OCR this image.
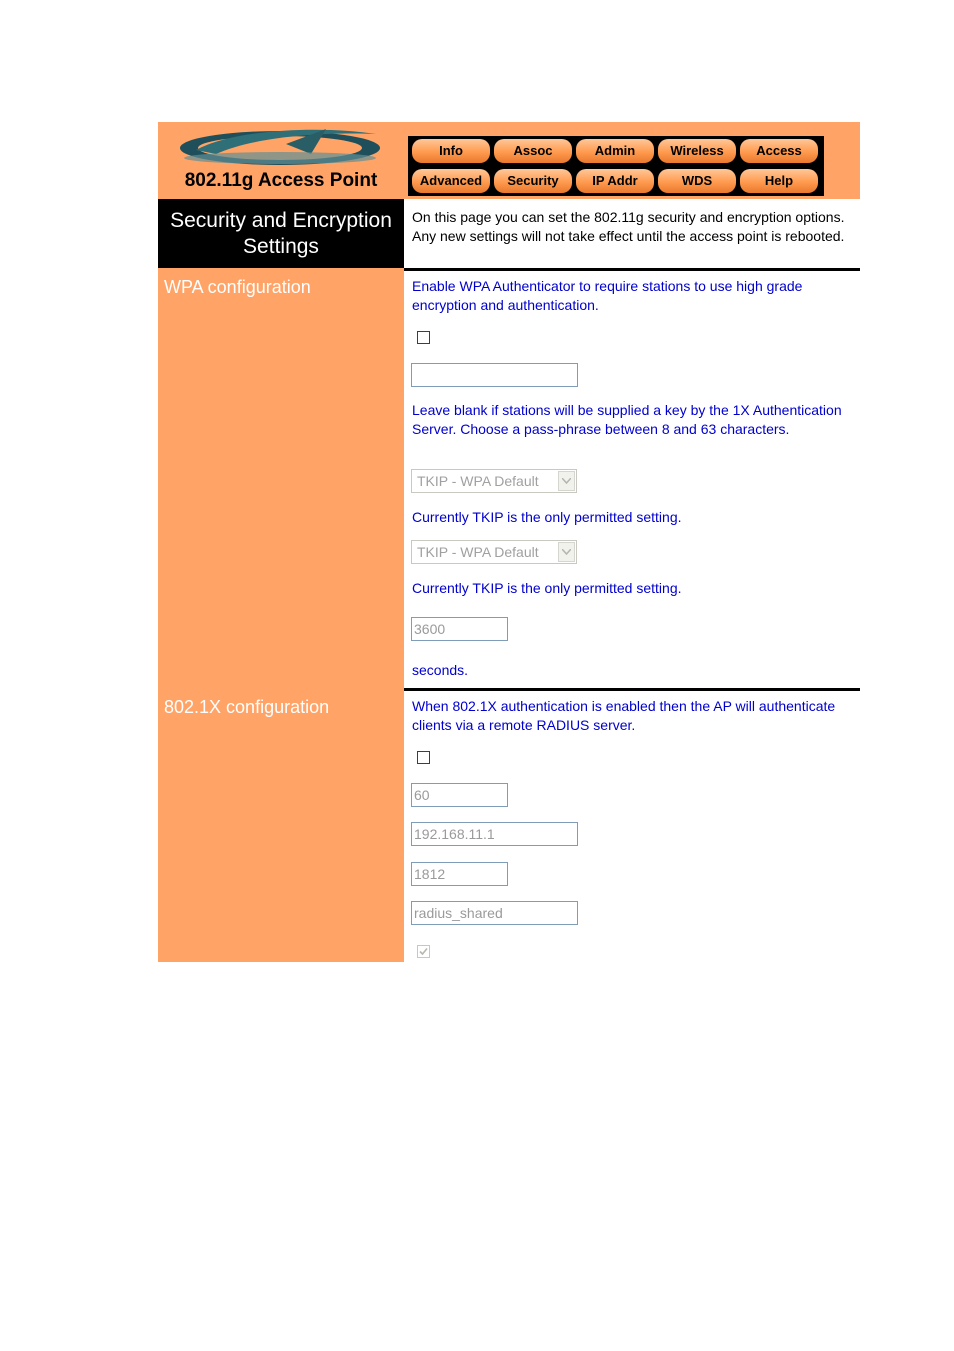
802.11g Access Point
Info	Assoc	Admin	Wireless	Access
Advanced	Security	IP Addr	WDS	Help
Security and Encryption
Settings
On this page you can set the 802.11g security and encryption options. Any new settings will not take effect until the access point is rebooted.
WPA configuration	Enable WPA Authenticator to require stations to use high grade encryption and authentication.
WPA enabled:
PSK pass-phrase:
Leave blank if stations will be supplied a key by the 1X Authentication Server. Choose a pass-phrase between 8 and 63 characters.
WPA Multicast Cipher Type:
TKIP - WPA Default
Currently TKIP is the only permitted setting.
WPA Pairwise Cipher Type:
TKIP - WPA Default
Currently TKIP is the only permitted setting.
WPA Group Key Update
Interval:
3600
seconds.
802.1X configuration	When 802.1X authentication is enabled then the AP will authenticate clients via a remote RADIUS server.
802.1X enabled:
Authentication timeout (mins):
60
RADIUS server IP address:
192.168.11.1
RADIUS server port number:
1812
RADIUS server shared secret:
radius_shared
MAC Address Authentication:
